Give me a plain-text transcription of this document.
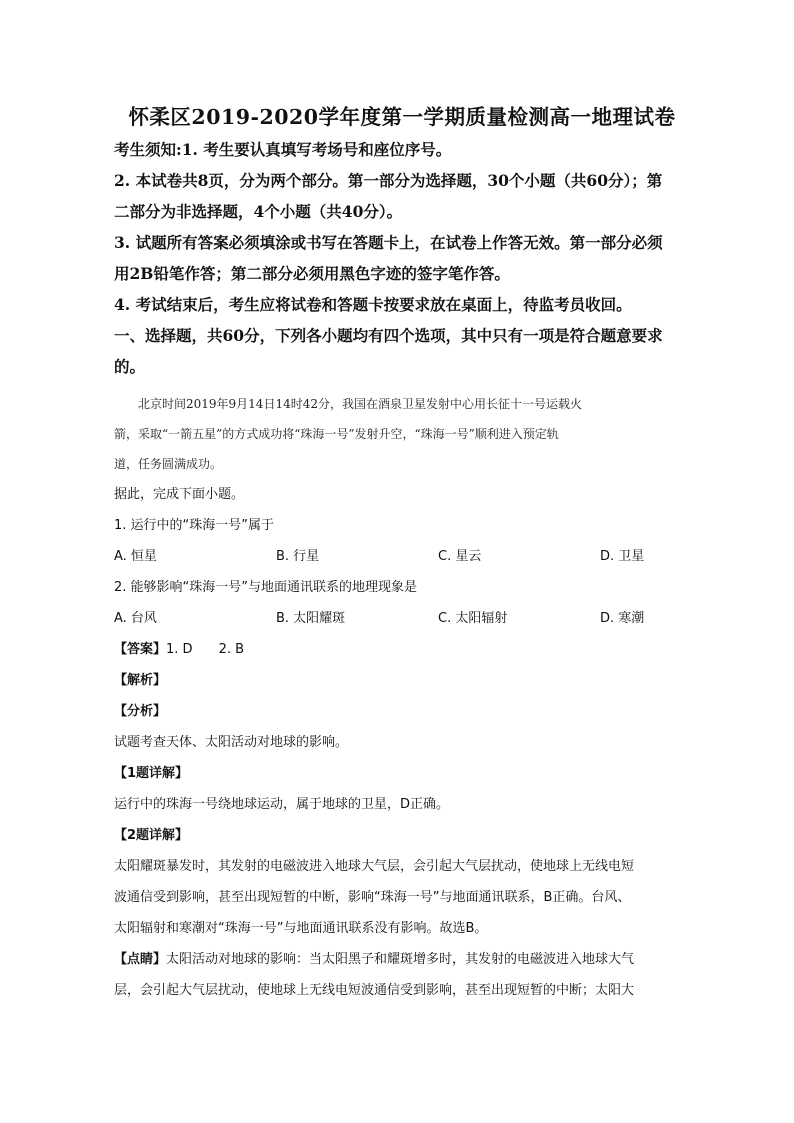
怀柔区2019-2020学年度第一学期质量检测高一地理试卷
考生须知:1. 考生要认真填写考场号和座位序号。
2. 本试卷共8页，分为两个部分。第一部分为选择题，30个小题（共60分）；第
二部分为非选择题，4个小题（共40分）。
3. 试题所有答案必须填涂或书写在答题卡上，在试卷上作答无效。第一部分必须
用2B铅笔作答；第二部分必须用黑色字迹的签字笔作答。
4. 考试结束后，考生应将试卷和答题卡按要求放在桌面上，待监考员收回。
一、选择题，共60分，下列各小题均有四个选项，其中只有一项是符合题意要求
的。
北京时间2019年9月14日14时42分，我国在酒泉卫星发射中心用长征十一号运载火
箭，采取“一箭五星”的方式成功将“珠海一号”发射升空，“珠海一号”顺利进入预定轨
道，任务圆满成功。
据此，完成下面小题。
1. 运行中的“珠海一号”属于
A. 恒星	B. 行星	C. 星云	D. 卫星
2. 能够影响“珠海一号”与地面通讯联系的地理现象是
A. 台风	B. 太阳耀斑	C. 太阳辐射	D. 寒潮
【答案】1. D 2. B
【解析】
【分析】
试题考查天体、太阳活动对地球的影响。
【1题详解】
运行中的珠海一号绕地球运动，属于地球的卫星，D正确。
【2题详解】
太阳耀斑暴发时，其发射的电磁波进入地球大气层，会引起大气层扰动，使地球上无线电短
波通信受到影响，甚至出现短暂的中断，影响“珠海一号”与地面通讯联系，B正确。台风、
太阳辐射和寒潮对“珠海一号”与地面通讯联系没有影响。故选B。
【点睛】太阳活动对地球的影响：当太阳黑子和耀斑增多时，其发射的电磁波进入地球大气
层，会引起大气层扰动，使地球上无线电短波通信受到影响，甚至出现短暂的中断；太阳大
